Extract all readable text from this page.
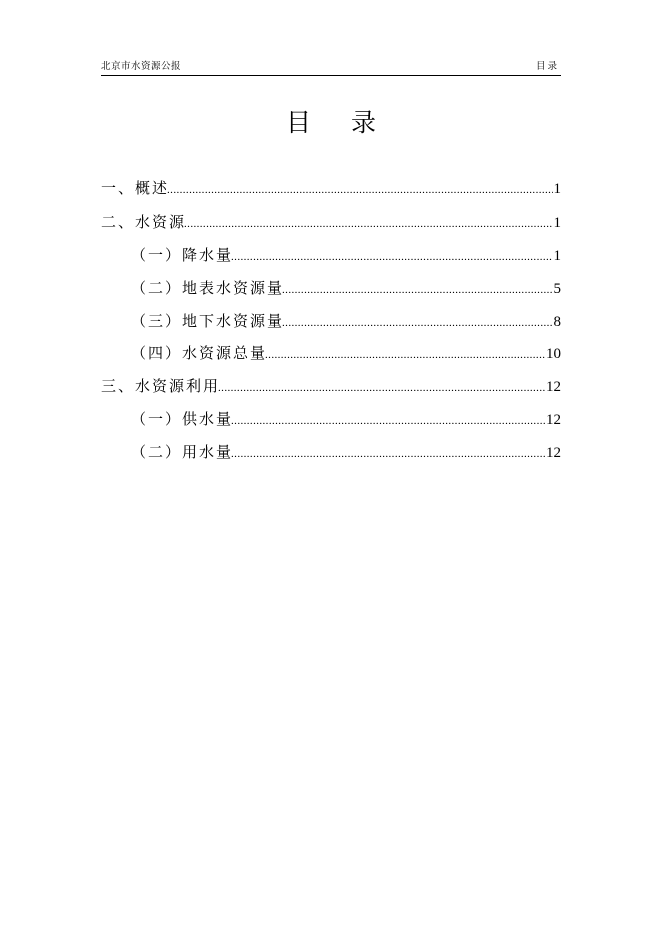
北京市水资源公报	目录
目 录
一、概述 .....	1
二、水资源 .....	1
（一）降水量 .....	1
（二）地表水资源量 .....	5
（三）地下水资源量 .....	8
（四）水资源总量 .....	10
三、水资源利用 .....	12
（一）供水量 .....	12
（二）用水量 .....	12
